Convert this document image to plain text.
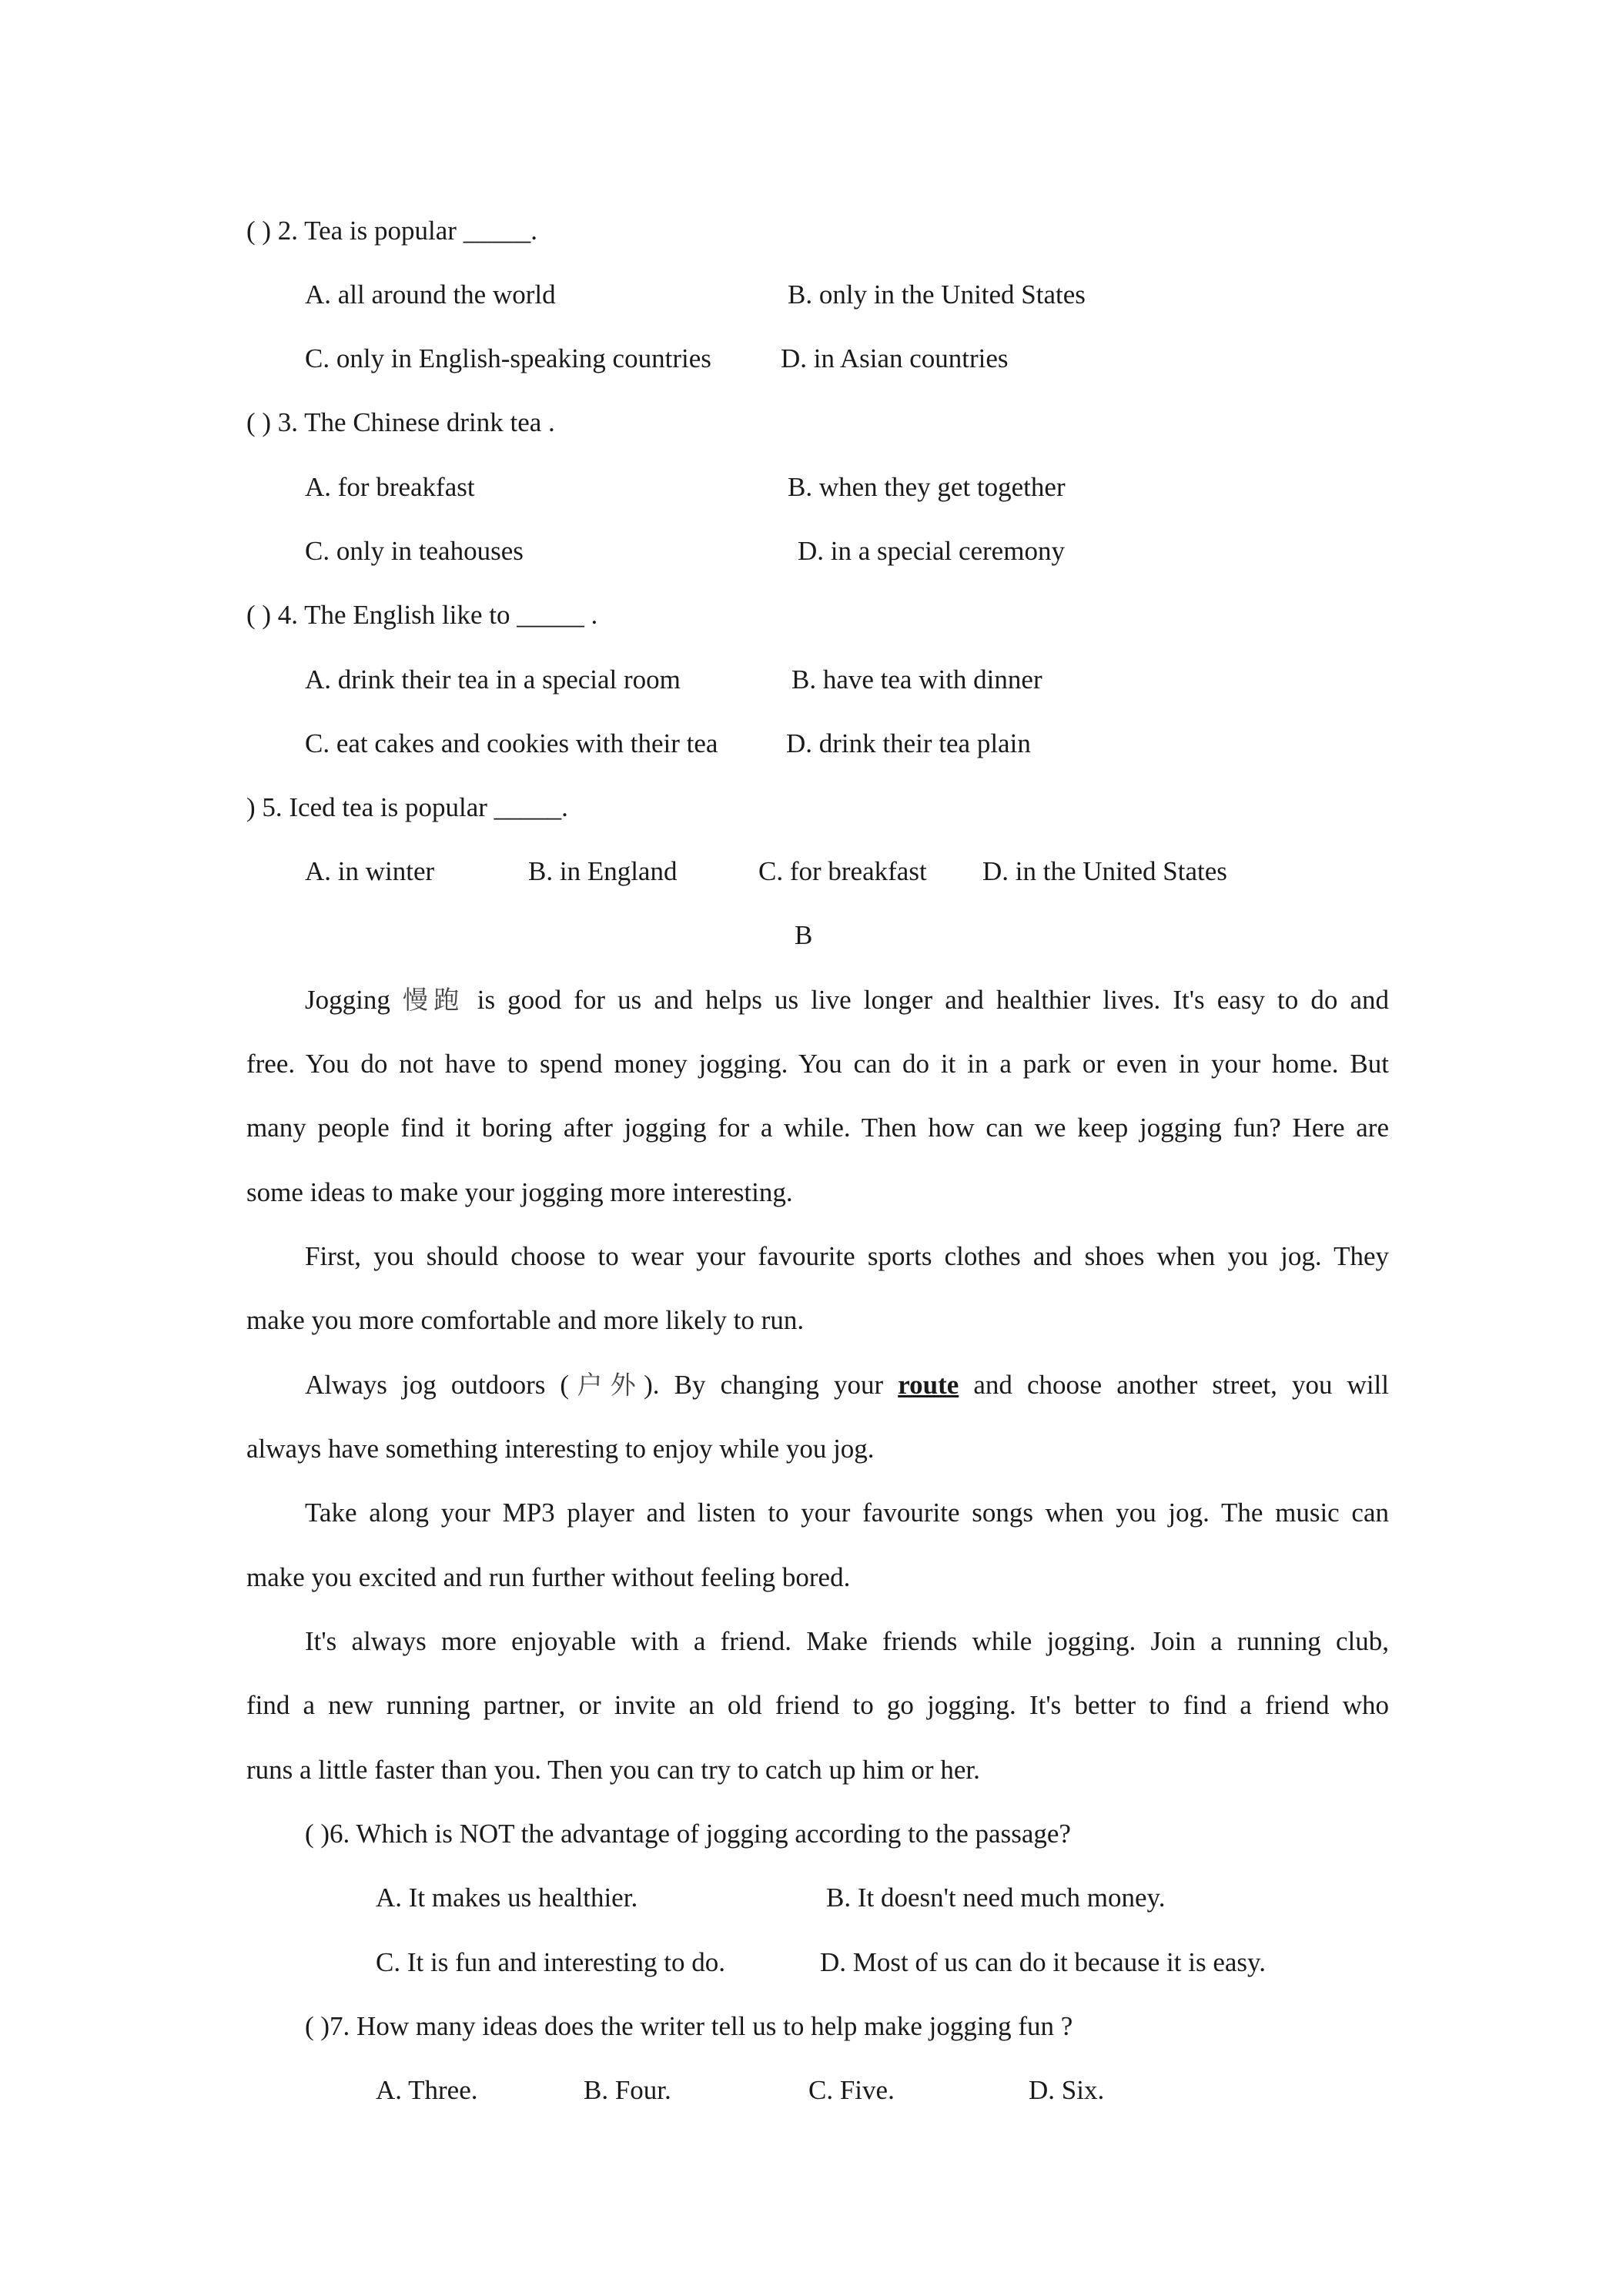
( ) 2. Tea is popular _____.
A. all around the world	B. only in the United States
C. only in English-speaking countries	D. in Asian countries
( ) 3. The Chinese drink tea .
A. for breakfast	B. when they get together
C. only in teahouses	D. in a special ceremony
( ) 4. The English like to _____ .
A. drink their tea in a special room	B. have tea with dinner
C. eat cakes and cookies with their tea	D. drink their tea plain
) 5. Iced tea is popular _____.
A. in winter	B. in England	C. for breakfast D. in the United States
B
Jogging 慢跑 is good for us and helps us live longer and healthier lives. It's easy to do and
free. You do not have to spend money jogging. You can do it in a park or even in your home. But
many people find it boring after jogging for a while. Then how can we keep jogging fun? Here are
some ideas to make your jogging more interesting.
First, you should choose to wear your favourite sports clothes and shoes when you jog. They
make you more comfortable and more likely to run.
Always jog outdoors (户外). By changing your route and choose another street, you will
always have something interesting to enjoy while you jog.
Take along your MP3 player and listen to your favourite songs when you jog. The music can
make you excited and run further without feeling bored.
It's always more enjoyable with a friend. Make friends while jogging. Join a running club,
find a new running partner, or invite an old friend to go jogging. It's better to find a friend who
runs a little faster than you. Then you can try to catch up him or her.
( )6. Which is NOT the advantage of jogging according to the passage?
A. It makes us healthier.	B. It doesn't need much money.
C. It is fun and interesting to do.	D. Most of us can do it because it is easy.
( )7. How many ideas does the writer tell us to help make jogging fun ?
A. Three.	B. Four.	C. Five.	D. Six.
